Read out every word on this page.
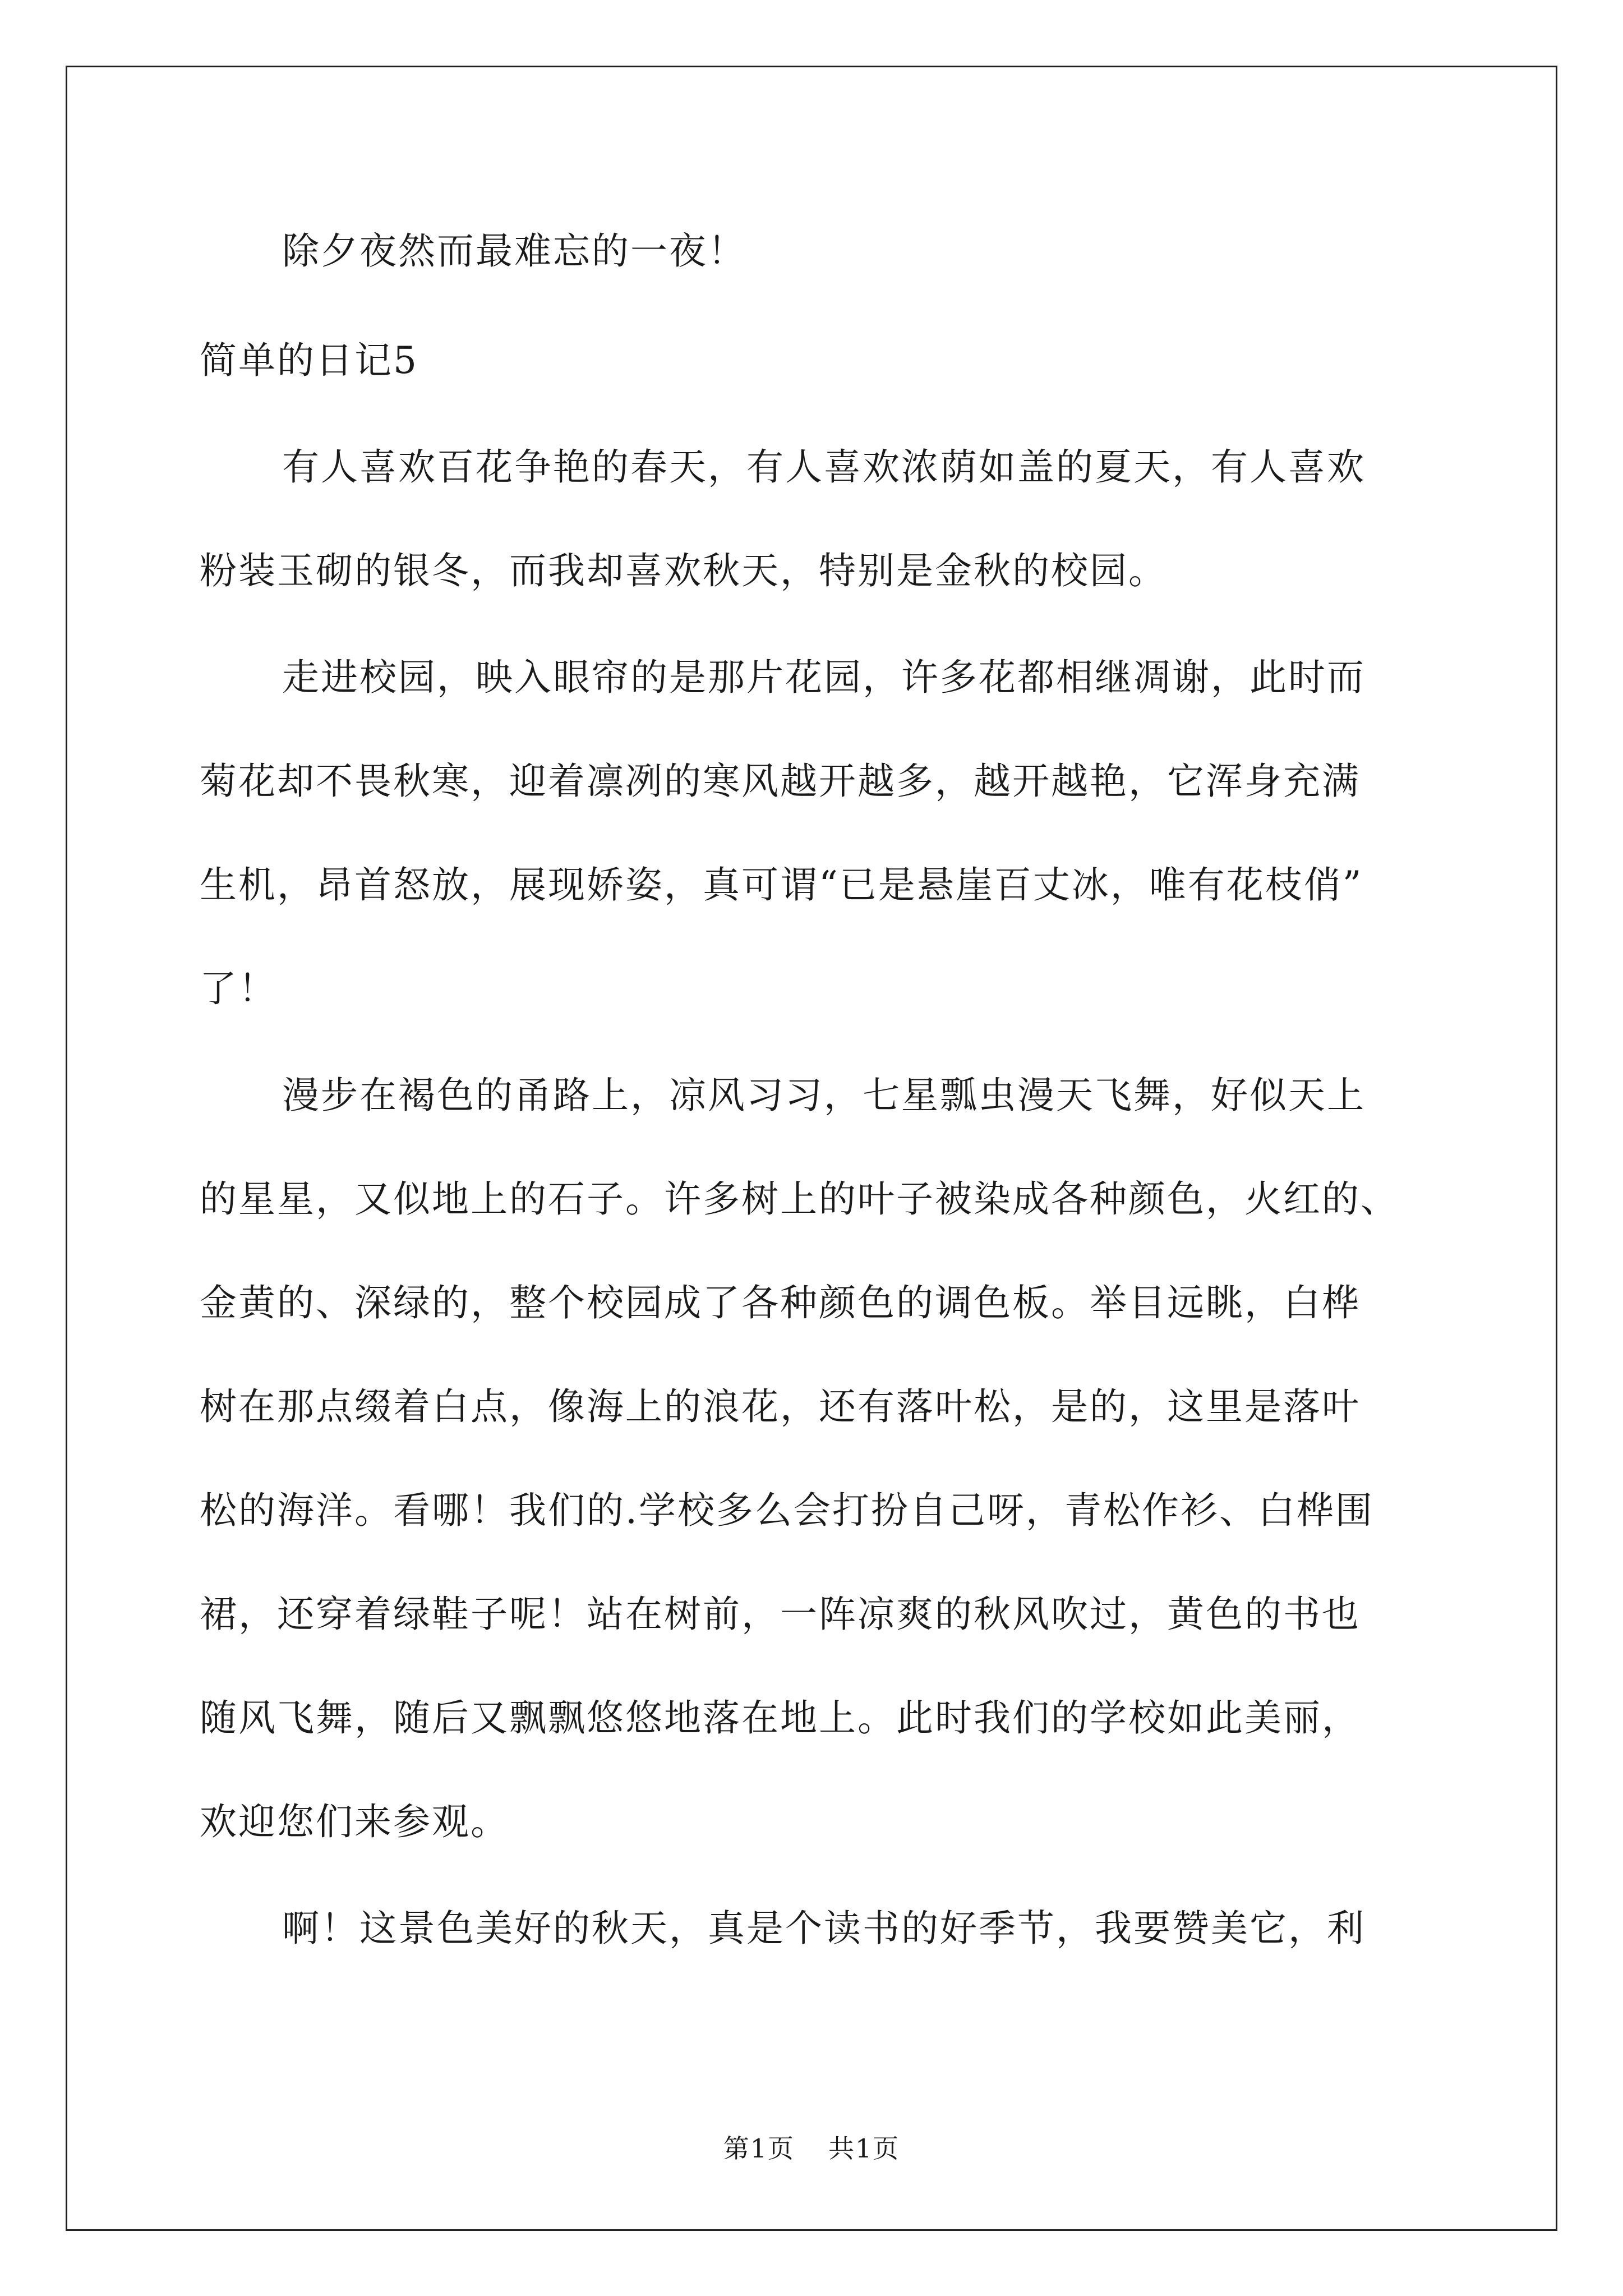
除夕夜然而最难忘的一夜！
简单的日记5
有人喜欢百花争艳的春天，有人喜欢浓荫如盖的夏天，有人喜欢
粉装玉砌的银冬，而我却喜欢秋天，特别是金秋的校园。
走进校园，映入眼帘的是那片花园，许多花都相继凋谢，此时而
菊花却不畏秋寒，迎着凛冽的寒风越开越多，越开越艳，它浑身充满
生机，昂首怒放，展现娇姿，真可谓“已是悬崖百丈冰，唯有花枝俏”
了！
漫步在褐色的甬路上，凉风习习，七星瓢虫漫天飞舞，好似天上
的星星，又似地上的石子。许多树上的叶子被染成各种颜色，火红的、
金黄的、深绿的，整个校园成了各种颜色的调色板。举目远眺，白桦
树在那点缀着白点，像海上的浪花，还有落叶松，是的，这里是落叶
松的海洋。看哪！我们的.学校多么会打扮自己呀，青松作衫、白桦围
裙，还穿着绿鞋子呢！站在树前，一阵凉爽的秋风吹过，黄色的书也
随风飞舞，随后又飘飘悠悠地落在地上。此时我们的学校如此美丽，
欢迎您们来参观。
啊！这景色美好的秋天，真是个读书的好季节，我要赞美它，利
第1页 共1页
